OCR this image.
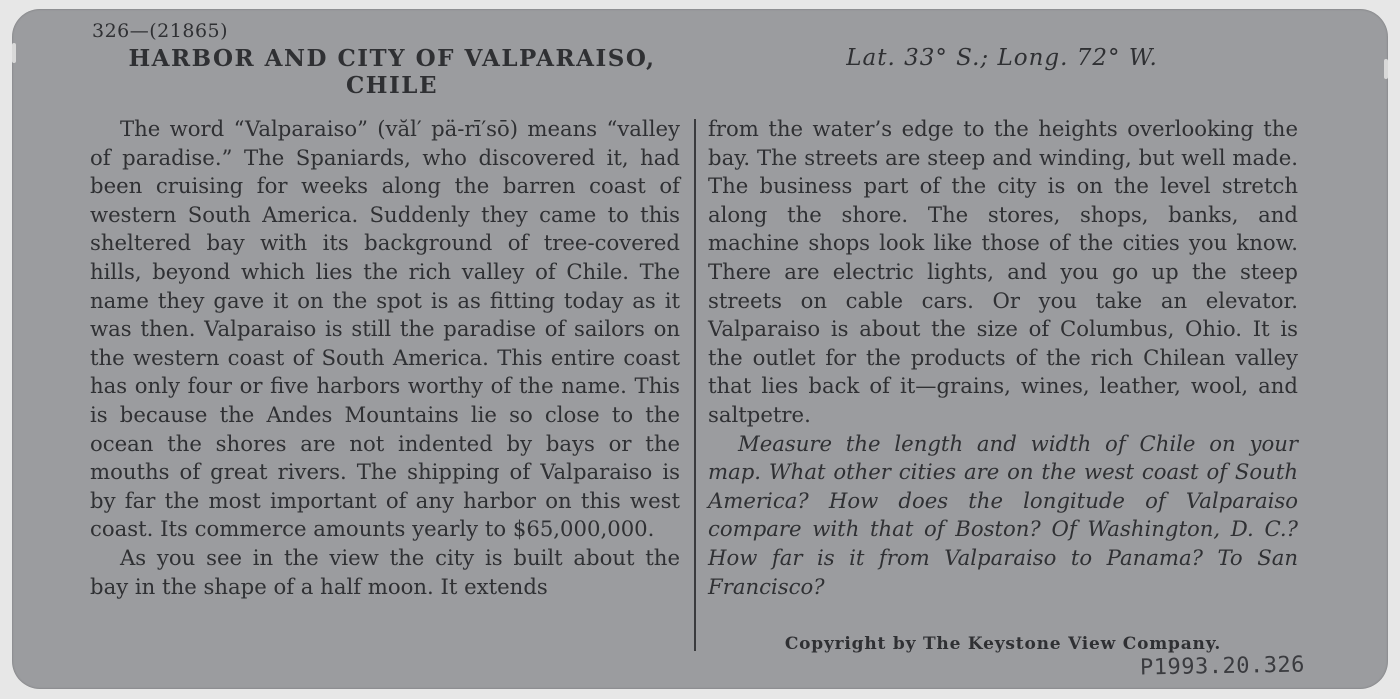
326—(21865)
HARBOR AND CITY OF VALPARAISO,
CHILE
Lat. 33° S.; Long. 72° W.

The word “Valparaiso” (văl′ pä-rī′sō) means “valley of paradise.” The Spaniards, who discovered it, had been cruising for weeks along the barren coast of western South America. Suddenly they came to this sheltered bay with its background of tree-covered hills, beyond which lies the rich valley of Chile. The name they gave it on the spot is as fitting today as it was then. Valparaiso is still the paradise of sailors on the western coast of South America. This entire coast has only four or five harbors worthy of the name. This is because the Andes Mountains lie so close to the ocean the shores are not indented by bays or the mouths of great rivers. The shipping of Valparaiso is by far the most important of any harbor on this west coast. Its commerce amounts yearly to $65,000,000.

As you see in the view the city is built about the bay in the shape of a half moon. It extends

from the water’s edge to the heights overlooking the bay. The streets are steep and winding, but well made. The business part of the city is on the level stretch along the shore. The stores, shops, banks, and machine shops look like those of the cities you know. There are electric lights, and you go up the steep streets on cable cars. Or you take an elevator. Valparaiso is about the size of Columbus, Ohio. It is the outlet for the products of the rich Chilean valley that lies back of it—grains, wines, leather, wool, and saltpetre.

Measure the length and width of Chile on your map. What other cities are on the west coast of South America? How does the longitude of Valparaiso compare with that of Boston? Of Washington, D. C.? How far is it from Valparaiso to Panama? To San Francisco?

Copyright by The Keystone View Company.
P1993.20.326
